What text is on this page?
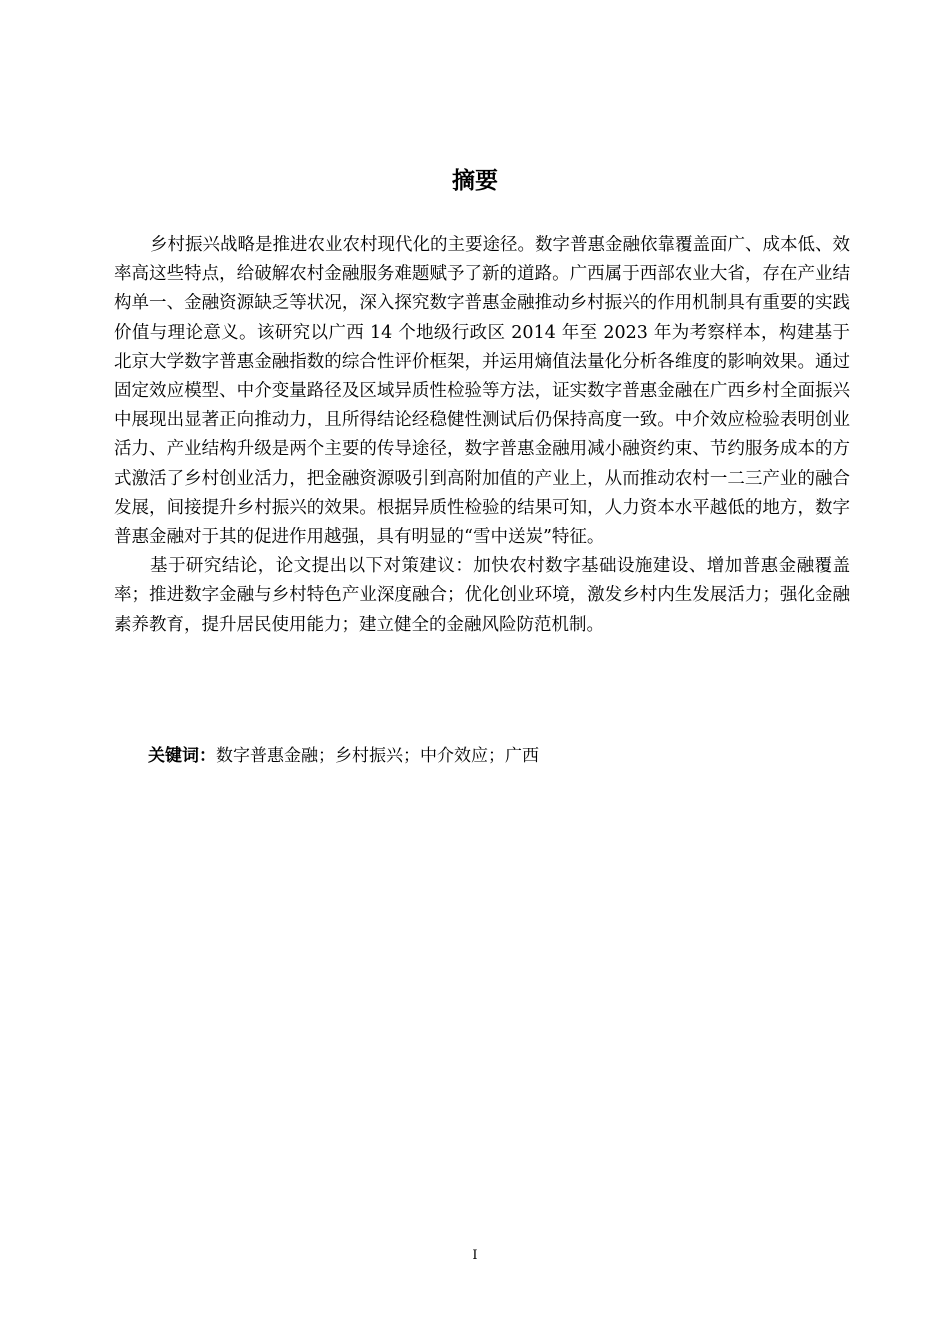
摘要

乡村振兴战略是推进农业农村现代化的主要途径。数字普惠金融依靠覆盖面广、成本低、效率高这些特点，给破解农村金融服务难题赋予了新的道路。广西属于西部农业大省，存在产业结构单一、金融资源缺乏等状况，深入探究数字普惠金融推动乡村振兴的作用机制具有重要的实践价值与理论意义。该研究以广西 14 个地级行政区 2014 年至 2023 年为考察样本，构建基于北京大学数字普惠金融指数的综合性评价框架，并运用熵值法量化分析各维度的影响效果。通过固定效应模型、中介变量路径及区域异质性检验等方法，证实数字普惠金融在广西乡村全面振兴中展现出显著正向推动力，且所得结论经稳健性测试后仍保持高度一致。中介效应检验表明创业活力、产业结构升级是两个主要的传导途径，数字普惠金融用减小融资约束、节约服务成本的方式激活了乡村创业活力，把金融资源吸引到高附加值的产业上，从而推动农村一二三产业的融合发展，间接提升乡村振兴的效果。根据异质性检验的结果可知，人力资本水平越低的地方，数字普惠金融对于其的促进作用越强，具有明显的“雪中送炭”特征。

基于研究结论，论文提出以下对策建议：加快农村数字基础设施建设、增加普惠金融覆盖率；推进数字金融与乡村特色产业深度融合；优化创业环境，激发乡村内生发展活力；强化金融素养教育，提升居民使用能力；建立健全的金融风险防范机制。

关键词：数字普惠金融；乡村振兴；中介效应；广西
I
